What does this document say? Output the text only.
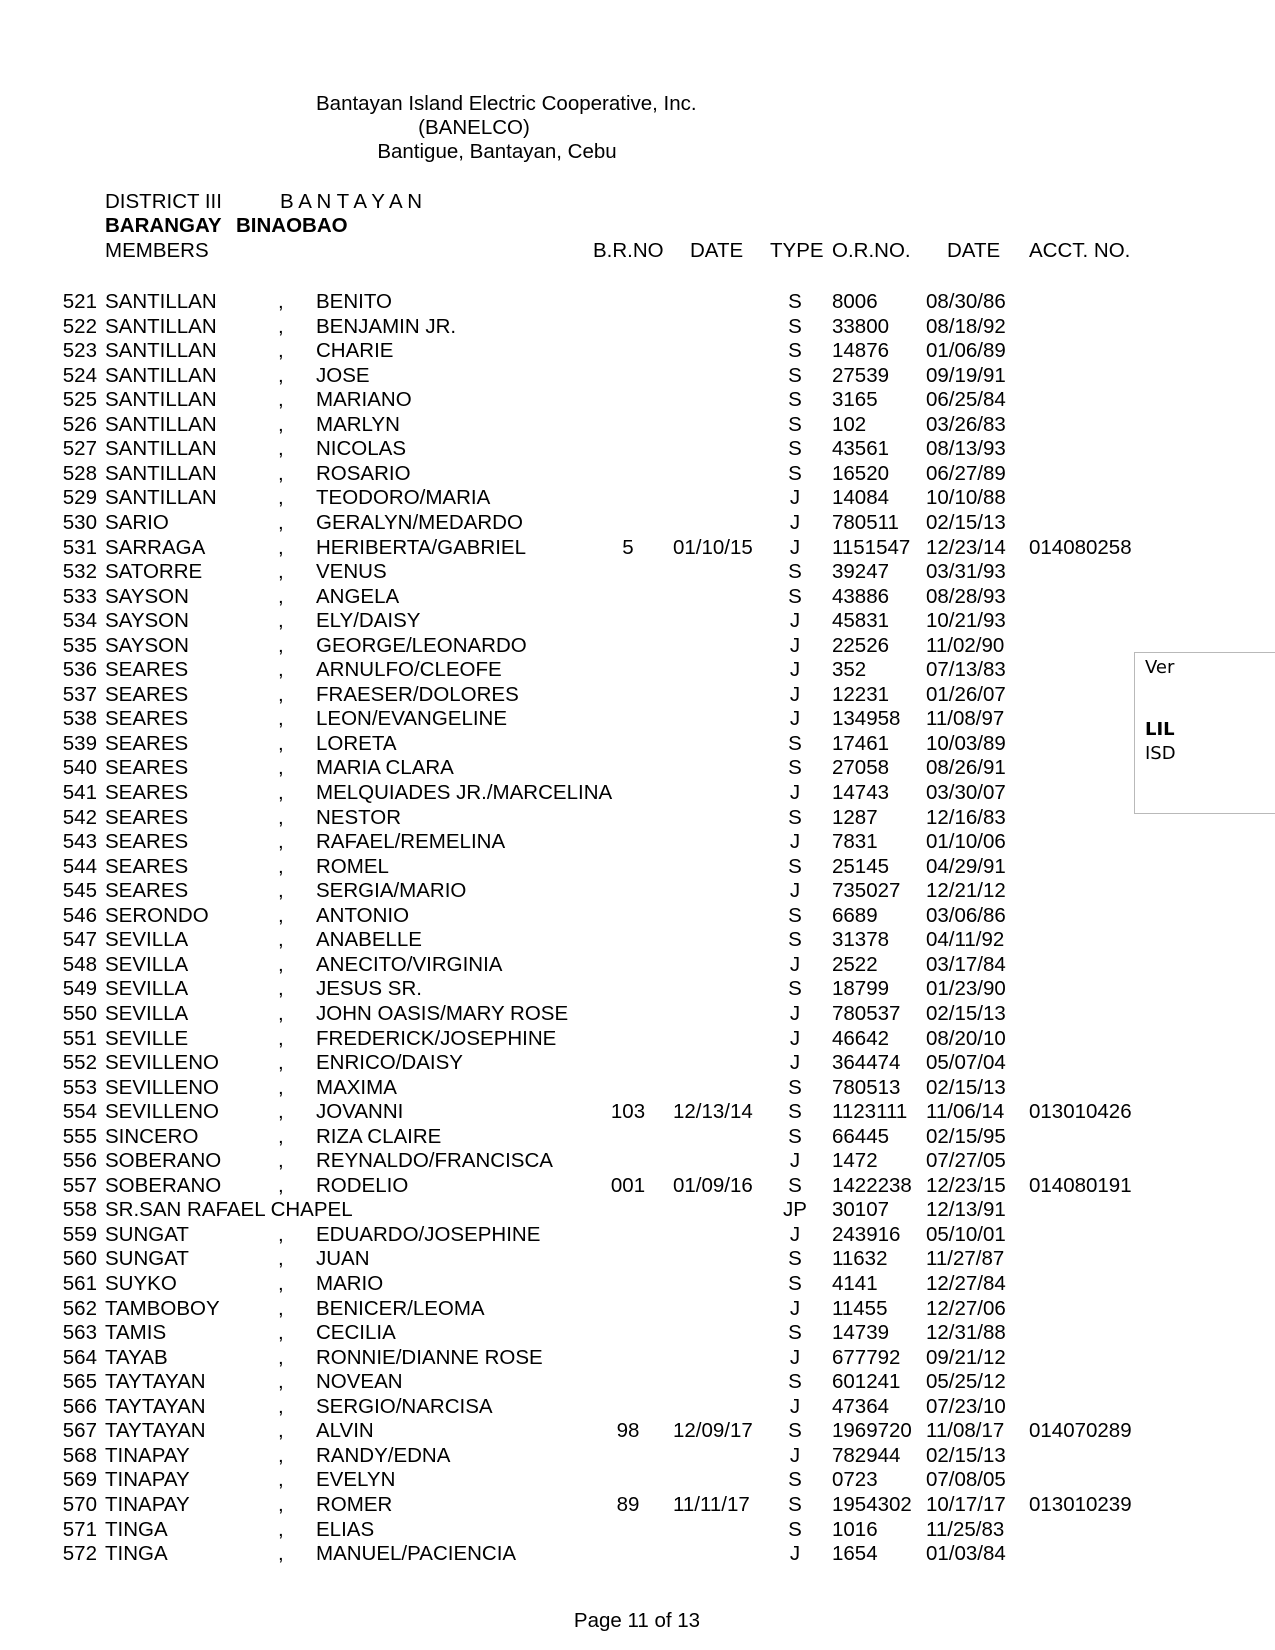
Bantayan Island Electric Cooperative, Inc.
(BANELCO)
Bantigue, Bantayan, Cebu
DISTRICT III	B A N T A Y A N
BARANGAY BINAOBAO
MEMBERS	B.R.NO DATE TYPE O.R.NO. DATE ACCT. NO.
521 SANTILLAN	, BENITO	S	8006 08/30/86
522 SANTILLAN	, BENJAMIN JR.	S	33800 08/18/92
523 SANTILLAN	, CHARIE	S	14876 01/06/89
524 SANTILLAN	, JOSE	S	27539 09/19/91
525 SANTILLAN	, MARIANO	S	3165 06/25/84
526 SANTILLAN	, MARLYN	S	102	03/26/83
527 SANTILLAN	, NICOLAS	S	43561 08/13/93
528 SANTILLAN	, ROSARIO	S	16520 06/27/89
529 SANTILLAN	, TEODORO/MARIA	J	14084 10/10/88
530 SARIO	, GERALYN/MEDARDO	J	780511 02/15/13
531 SARRAGA	, HERIBERTA/GABRIEL	5	01/10/15	J	1151547 12/23/14 014080258
532 SATORRE	, VENUS	S	39247 03/31/93
533 SAYSON	, ANGELA	S	43886 08/28/93
534 SAYSON	, ELY/DAISY	J	45831 10/21/93
535 SAYSON	, GEORGE/LEONARDO	J	22526 11/02/90
536 SEARES	, ARNULFO/CLEOFE	J	352	07/13/83
537 SEARES	, FRAESER/DOLORES	J	12231 01/26/07
538 SEARES	, LEON/EVANGELINE	J	134958 11/08/97
539 SEARES	, LORETA	S	17461 10/03/89
540 SEARES	, MARIA CLARA	S	27058 08/26/91
541 SEARES	, MELQUIADES JR./MARCELINA	J	14743 03/30/07
542 SEARES	, NESTOR	S	1287 12/16/83
543 SEARES	, RAFAEL/REMELINA	J	7831 01/10/06
544 SEARES	, ROMEL	S	25145 04/29/91
545 SEARES	, SERGIA/MARIO	J	735027 12/21/12
546 SERONDO	, ANTONIO	S	6689 03/06/86
547 SEVILLA	, ANABELLE	S	31378 04/11/92
548 SEVILLA	, ANECITO/VIRGINIA	J	2522 03/17/84
549 SEVILLA	, JESUS SR.	S	18799 01/23/90
550 SEVILLA	, JOHN OASIS/MARY ROSE	J	780537 02/15/13
551 SEVILLE	, FREDERICK/JOSEPHINE	J	46642 08/20/10
552 SEVILLENO	, ENRICO/DAISY	J	364474 05/07/04
553 SEVILLENO	, MAXIMA	S	780513 02/15/13
554 SEVILLENO	, JOVANNI	103	12/13/14	S	1123111 11/06/14 013010426
555 SINCERO	, RIZA CLAIRE	S	66445 02/15/95
556 SOBERANO	, REYNALDO/FRANCISCA	J	1472 07/27/05
557 SOBERANO	, RODELIO	001	01/09/16	S	1422238 12/23/15 014080191
558 SR.SAN RAFAEL CHAPEL	JP	30107 12/13/91
559 SUNGAT	, EDUARDO/JOSEPHINE	J	243916 05/10/01
560 SUNGAT	, JUAN	S	11632 11/27/87
561 SUYKO	, MARIO	S	4141 12/27/84
562 TAMBOBOY	, BENICER/LEOMA	J	11455 12/27/06
563 TAMIS	, CECILIA	S	14739 12/31/88
564 TAYAB	, RONNIE/DIANNE ROSE	J	677792 09/21/12
565 TAYTAYAN	, NOVEAN	S	601241 05/25/12
566 TAYTAYAN	, SERGIO/NARCISA	J	47364 07/23/10
567 TAYTAYAN	, ALVIN	98	12/09/17	S	1969720 11/08/17 014070289
568 TINAPAY	, RANDY/EDNA	J	782944 02/15/13
569 TINAPAY	, EVELYN	S	0723 07/08/05
570 TINAPAY	, ROMER	89	11/11/17	S	1954302 10/17/17 013010239
571 TINGA	, ELIAS	S	1016 11/25/83
572 TINGA	, MANUEL/PACIENCIA	J	1654 01/03/84
Ver
LIL
ISD
Page 11 of 13
